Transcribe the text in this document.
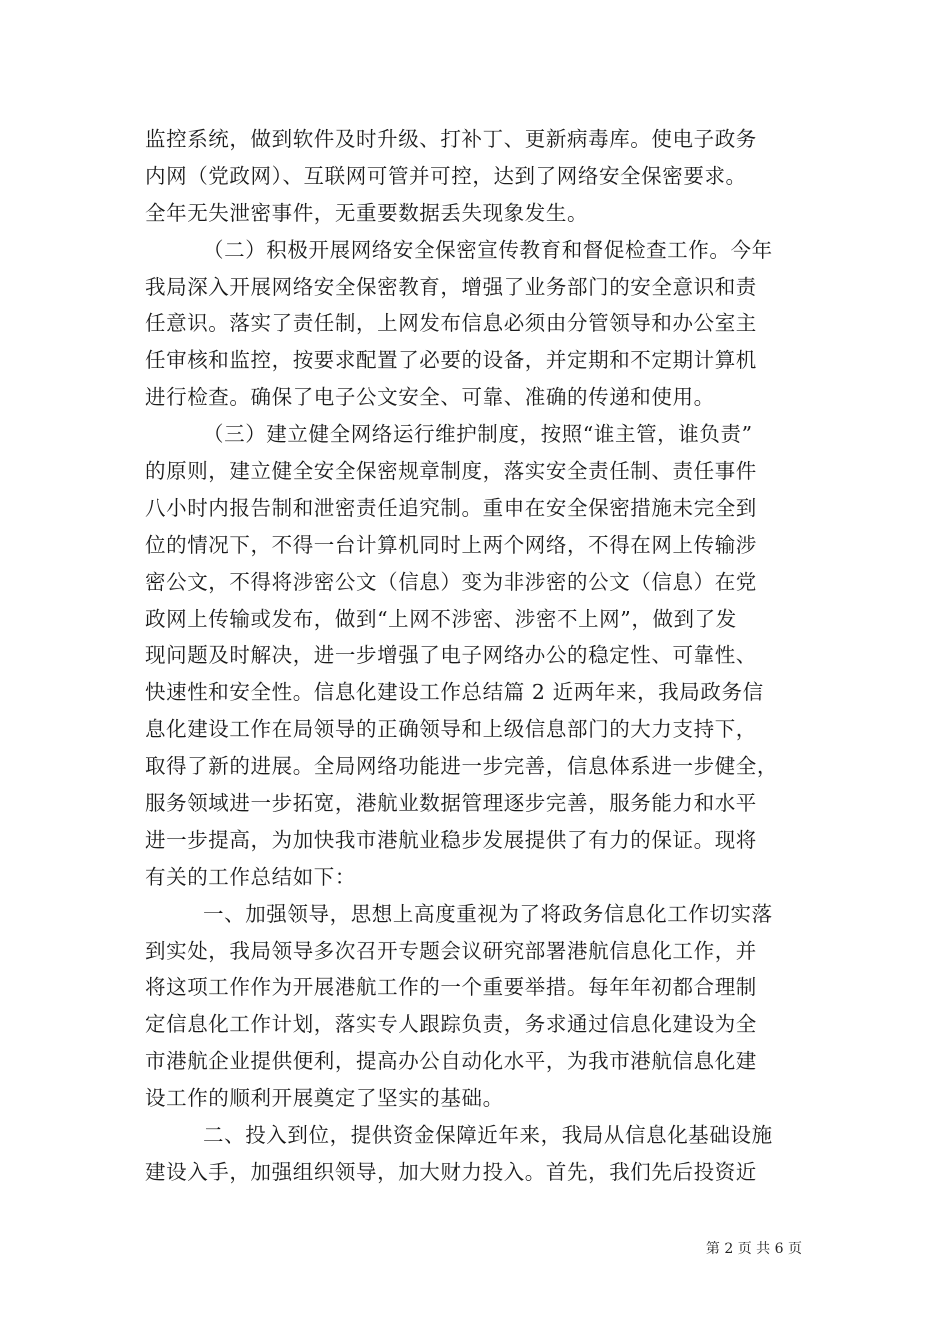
监控系统，做到软件及时升级、打补丁、更新病毒库。使电子政务
内网（党政网）、互联网可管并可控，达到了网络安全保密要求。
全年无失泄密事件，无重要数据丢失现象发生。
（二）积极开展网络安全保密宣传教育和督促检查工作。今年
我局深入开展网络安全保密教育，增强了业务部门的安全意识和责
任意识。落实了责任制，上网发布信息必须由分管领导和办公室主
任审核和监控，按要求配置了必要的设备，并定期和不定期计算机
进行检查。确保了电子公文安全、可靠、准确的传递和使用。
（三）建立健全网络运行维护制度，按照“谁主管，谁负责”
的原则，建立健全安全保密规章制度，落实安全责任制、责任事件
八小时内报告制和泄密责任追究制。重申在安全保密措施未完全到
位的情况下，不得一台计算机同时上两个网络，不得在网上传输涉
密公文，不得将涉密公文（信息）变为非涉密的公文（信息）在党
政网上传输或发布，做到“上网不涉密、涉密不上网”，做到了发
现问题及时解决，进一步增强了电子网络办公的稳定性、可靠性、
快速性和安全性。信息化建设工作总结篇 2 近两年来，我局政务信
息化建设工作在局领导的正确领导和上级信息部门的大力支持下，
取得了新的进展。全局网络功能进一步完善，信息体系进一步健全，
服务领域进一步拓宽，港航业数据管理逐步完善，服务能力和水平
进一步提高，为加快我市港航业稳步发展提供了有力的保证。现将
有关的工作总结如下：
一、加强领导，思想上高度重视为了将政务信息化工作切实落
到实处，我局领导多次召开专题会议研究部署港航信息化工作，并
将这项工作作为开展港航工作的一个重要举措。每年年初都合理制
定信息化工作计划，落实专人跟踪负责，务求通过信息化建设为全
市港航企业提供便利，提高办公自动化水平，为我市港航信息化建
设工作的顺利开展奠定了坚实的基础。
二、投入到位，提供资金保障近年来，我局从信息化基础设施
建设入手，加强组织领导，加大财力投入。首先，我们先后投资近
第 2 页 共 6 页
